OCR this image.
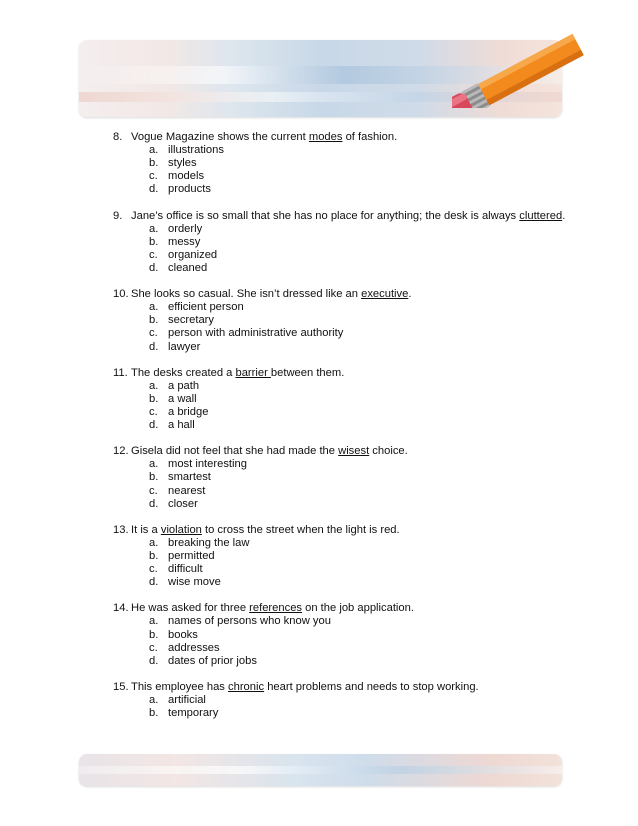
8. Vogue Magazine shows the current modes of fashion.
a. illustrations
b. styles
c. models
d. products
9. Jane’s office is so small that she has no place for anything; the desk is always cluttered.
a. orderly
b. messy
c. organized
d. cleaned
10. She looks so casual. She isn’t dressed like an executive.
a. efficient person
b. secretary
c. person with administrative authority
d. lawyer
11. The desks created a barrier between them.
a. a path
b. a wall
c. a bridge
d. a hall
12. Gisela did not feel that she had made the wisest choice.
a. most interesting
b. smartest
c. nearest
d. closer
13. It is a violation to cross the street when the light is red.
a. breaking the law
b. permitted
c. difficult
d. wise move
14. He was asked for three references on the job application.
a. names of persons who know you
b. books
c. addresses
d. dates of prior jobs
15. This employee has chronic heart problems and needs to stop working.
a. artificial
b. temporary
